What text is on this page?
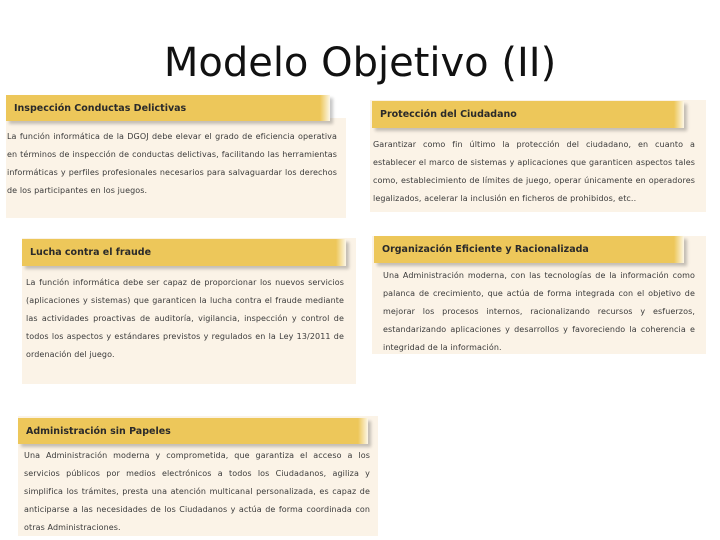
Modelo Objetivo (II)
Inspección Conductas Delictivas
La función informática de la DGOJ debe elevar el grado de eficiencia operativa en términos de inspección de conductas delictivas, facilitando las herramientas informáticas y perfiles profesionales necesarios para salvaguardar los derechos de los participantes en los juegos.
Protección del Ciudadano
Garantizar como fin último la protección del ciudadano, en cuanto a establecer el marco de sistemas y aplicaciones que garanticen aspectos tales como, establecimiento de límites de juego, operar únicamente en operadores legalizados, acelerar la inclusión en ficheros de prohibidos, etc..
Lucha contra el fraude
La función informática debe ser capaz de proporcionar los nuevos servicios (aplicaciones y sistemas) que garanticen la lucha contra el fraude mediante las actividades proactivas de auditoría, vigilancia, inspección y control de todos los aspectos y estándares previstos y regulados en la Ley 13/2011 de ordenación del juego.
Organización Eficiente y Racionalizada
Una Administración moderna, con las tecnologías de la información como palanca de crecimiento, que actúa de forma integrada con el objetivo de mejorar los procesos internos, racionalizando recursos y esfuerzos, estandarizando aplicaciones y desarrollos y favoreciendo la coherencia e integridad de la información.
Administración sin Papeles
Una Administración moderna y comprometida, que garantiza el acceso a los servicios públicos por medios electrónicos a todos los Ciudadanos, agiliza y simplifica los trámites, presta una atención multicanal personalizada, es capaz de anticiparse a las necesidades de los Ciudadanos y actúa de forma coordinada con otras Administraciones.
